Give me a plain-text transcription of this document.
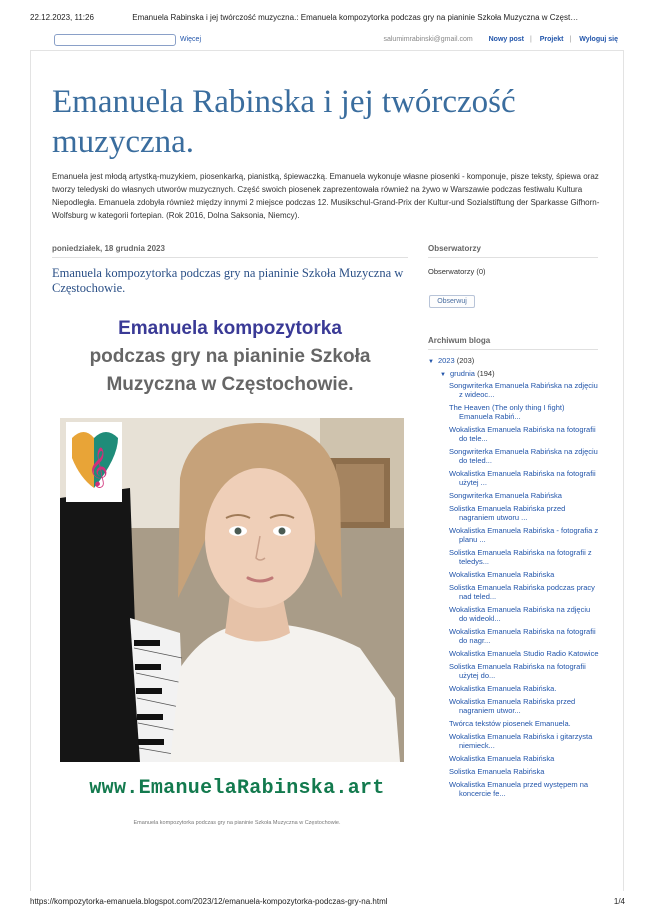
22.12.2023, 11:26	Emanuela Rabinska i jej twórczość muzyczna.: Emanuela kompozytorka podczas gry na pianinie Szkoła Muzyczna w Częst…
Więcej	salumimrabinski@gmail.com Nowy post | Projekt | Wyloguj się
Emanuela Rabinska i jej twórczość muzyczna.

Emanuela jest młodą artystką-muzykiem, piosenkarką, pianistką, śpiewaczką. Emanuela wykonuje własne piosenki - komponuje, pisze teksty, śpiewa oraz tworzy teledyski do własnych utworów muzycznych. Część swoich piosenek zaprezentowała również na żywo w Warszawie podczas festiwalu Kultura Niepodległa. Emanuela zdobyła również między innymi 2 miejsce podczas 12. Musikschul-Grand-Prix der Kultur-und Sozialstiftung der Sparkasse Gifhorn-Wolfsburg w kategorii fortepian. (Rok 2016, Dolna Saksonia, Niemcy).

poniedziałek, 18 grudnia 2023
Emanuela kompozytorka podczas gry na pianinie Szkoła Muzyczna w Częstochowie.
Emanuela kompozytorka
podczas gry na pianinie Szkoła Muzyczna w Częstochowie.
𝄞
www.EmanuelaRabinska.art
Emanuela kompozytorka podczas gry na pianinie Szkoła Muzyczna w Częstochowie.
Obserwatorzy
Obserwatorzy (0)
Obserwuj
Archiwum bloga
▼ 2023 (203)
▼ grudnia (194)
Songwriterka Emanuela Rabińska na zdjęciu z wideoc...
The Heaven (The only thing I fight) Emanuela Rabiń...
Wokalistka Emanuela Rabińska na fotografii do tele...
Songwriterka Emanuela Rabińska na zdjęciu do teled...
Wokalistka Emanuela Rabińska na fotografii użytej ...
Songwriterka Emanuela Rabińska
Solistka Emanuela Rabińska przed nagraniem utworu ...
Wokalistka Emanuela Rabińska - fotografia z planu ...
Solistka Emanuela Rabińska na fotografii z teledys...
Wokalistka Emanuela Rabińska
Solistka Emanuela Rabińska podczas pracy nad teled...
Wokalistka Emanuela Rabińska na zdjęciu do wideokl...
Wokalistka Emanuela Rabińska na fotografii do nagr...
Wokalistka Emanuela Studio Radio Katowice
Solistka Emanuela Rabińska na fotografii użytej do...
Wokalistka Emanuela Rabińska.
Wokalistka Emanuela Rabińska przed nagraniem utwor...
Twórca tekstów piosenek Emanuela.
Wokalistka Emanuela Rabińska i gitarzysta niemieck...
Wokalistka Emanuela Rabińska
Solistka Emanuela Rabińska
Wokalistka Emanuela przed występem na koncercie fe...
https://kompozytorka-emanuela.blogspot.com/2023/12/emanuela-kompozytorka-podczas-gry-na.html	1/4
